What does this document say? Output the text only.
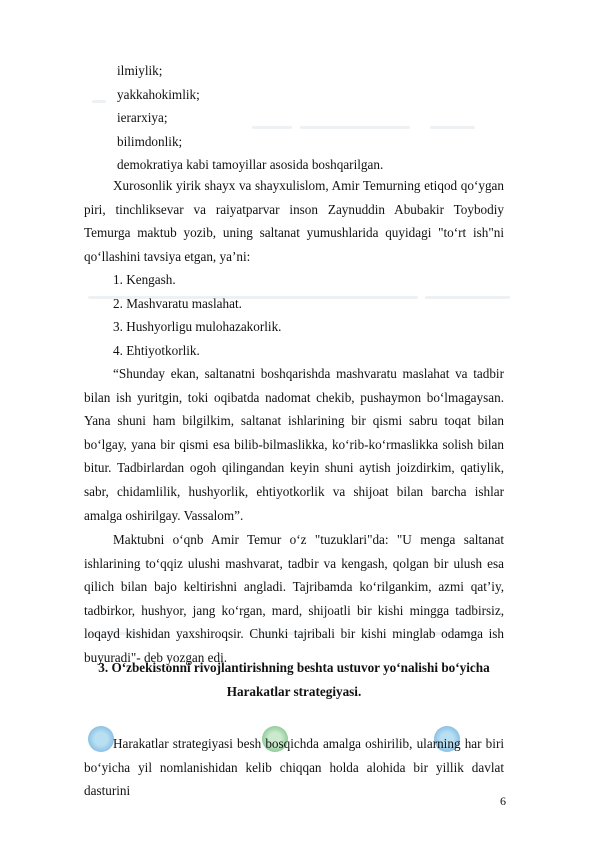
ilmiylik;
yakkahokimlik;
ierarxiya;
bilimdonlik;
demokratiya kabi tamoyillar asosida boshqarilgan.
Xurosonlik yirik shayx va shayxulislom, Amir Temurning etiqod qo‘ygan piri, tinchliksevar va raiyatparvar inson Zaynuddin Abubakir Toybodiy Temurga maktub yozib, uning saltanat yumushlarida quyidagi "to‘rt ish"ni qo‘llashini tavsiya etgan, ya’ni:
1. Kengash.
2. Mashvaratu maslahat.
3. Hushyorligu mulohazakorlik.
4. Ehtiyotkorlik.
“Shunday ekan, saltanatni boshqarishda mashvaratu maslahat va tadbir bilan ish yuritgin, toki oqibatda nadomat chekib, pushaymon bo‘lmagaysan. Yana shuni ham bilgilkim, saltanat ishlarining bir qismi sabru toqat bilan bo‘lgay, yana bir qismi esa bilib-bilmaslikka, ko‘rib-ko‘rmaslikka solish bilan bitur. Tadbirlardan ogoh qilingandan keyin shuni aytish joizdirkim, qatiylik, sabr, chidamlilik, hushyorlik, ehtiyotkorlik va shijoat bilan barcha ishlar amalga oshirilgay. Vassalom”.
Maktubni o‘qnb Amir Temur o‘z "tuzuklari"da: "U menga saltanat ishlarining to‘qqiz ulushi mashvarat, tadbir va kengash, qolgan bir ulush esa qilich bilan bajo keltirishni angladi. Tajribamda ko‘rilgankim, azmi qat’iy, tadbirkor, hushyor, jang ko‘rgan, mard, shijoatli bir kishi mingga tadbirsiz, loqayd kishidan yaxshiroqsir. Chunki tajribali bir kishi minglab odamga ish buyuradi"- deb yozgan edi.
3. O‘zbekistonni rivojlantirishning beshta ustuvor yo‘nalishi bo‘yicha
Harakatlar strategiyasi.
Harakatlar strategiyasi besh bosqichda amalga oshirilib, ularning har biri bo‘yicha yil nomlanishidan kelib chiqqan holda alohida bir yillik davlat dasturini
6
